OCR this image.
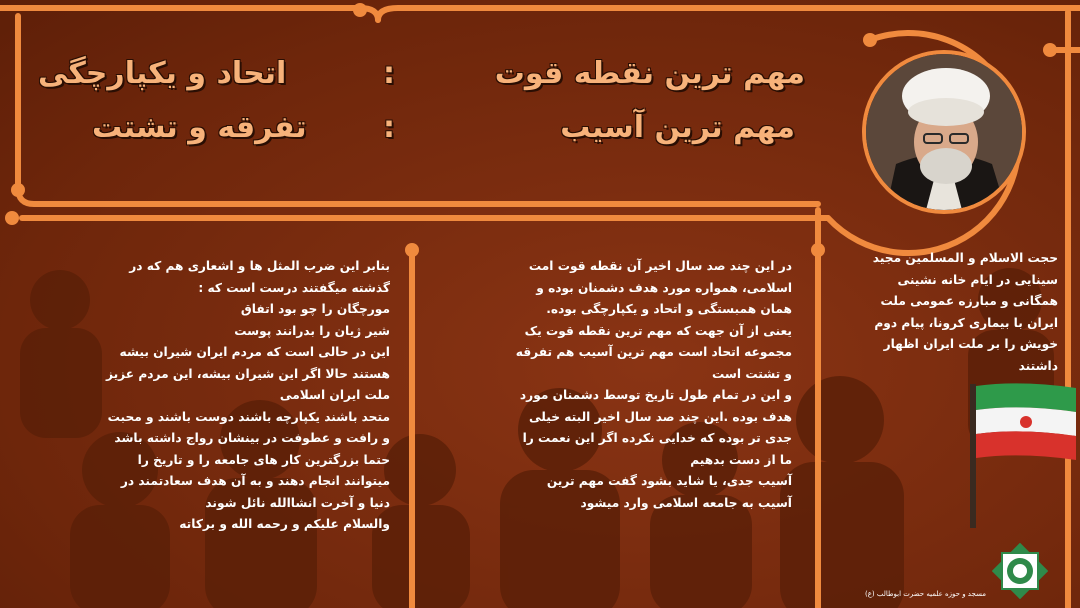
مهم ترین نقطه قوت
:
اتحاد و یکپارچگی
مهم ترین آسیب
:
تفرقه و تشتت

حجت الاسلام و المسلمین مجید

سینایی در ایام خانه نشینی

همگانی و مبارزه عمومی ملت

ایران با بیماری کرونا، پیام دوم

خویش را بر ملت ایران اظهار

داشتند

در این چند صد سال اخیر آن نقطه قوت امت

اسلامی، همواره مورد هدف دشمنان بوده و

همان همبستگی و اتحاد و یکپارچگی بوده.

یعنی از آن جهت که مهم ترین نقطه قوت یک

مجموعه اتحاد است مهم ترین آسیب هم تفرقه

و تشتت است

و این در تمام طول تاریخ توسط دشمنان مورد

هدف بوده .این چند صد سال اخیر البته خیلی

جدی تر بوده که خدایی نکرده اگر این نعمت را

ما از دست بدهیم

آسیب جدی، یا شاید بشود گفت مهم ترین

آسیب به جامعه اسلامی وارد میشود

بنابر این ضرب المثل ها و اشعاری هم که در

گذشته میگفتند درست است که :

مورچگان را چو بود اتفاق

شیر ژیان را بدرانند پوست

این در حالی است که مردم ایران شیران بیشه

هستند حالا اگر این شیران بیشه، این مردم عزیز

ملت ایران اسلامی

متحد باشند یکپارچه باشند دوست باشند و محبت

و رافت و عطوفت در بینشان رواج داشته باشد

حتما بزرگترین کار های جامعه را و تاریخ را

میتوانند انجام دهند و به آن هدف سعادتمند در

دنیا و آخرت انشاالله نائل شوند

والسلام علیکم و رحمه الله و برکاته

مسجد و حوزه علمیه حضرت ابوطالب (ع)
